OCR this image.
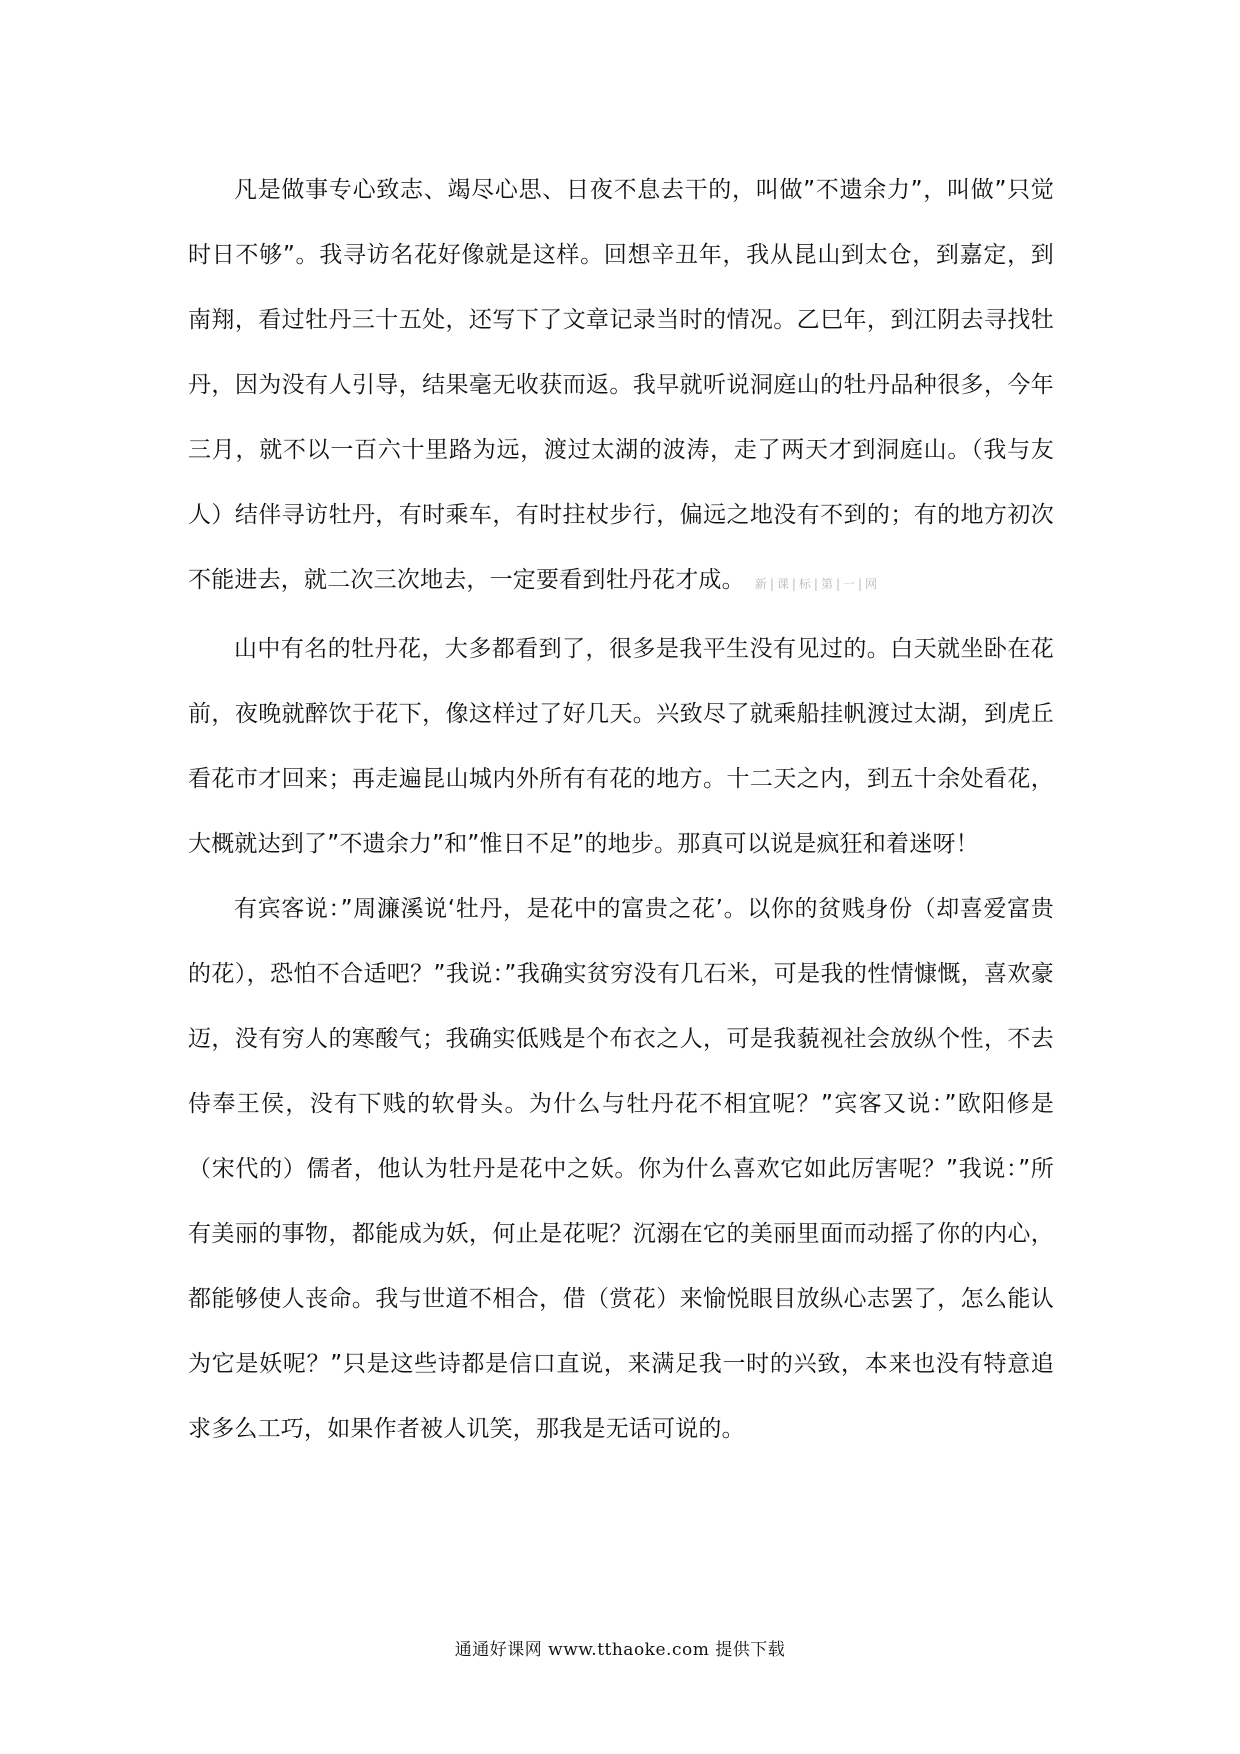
凡是做事专心致志、竭尽心思、日夜不息去干的，叫做”不遗余力”，叫做”只觉时日不够”。我寻访名花好像就是这样。回想辛丑年，我从昆山到太仓，到嘉定，到南翔，看过牡丹三十五处，还写下了文章记录当时的情况。乙巳年，到江阴去寻找牡丹，因为没有人引导，结果毫无收获而返。我早就听说洞庭山的牡丹品种很多，今年三月，就不以一百六十里路为远，渡过太湖的波涛，走了两天才到洞庭山。（我与友人）结伴寻访牡丹，有时乘车，有时拄杖步行，偏远之地没有不到的；有的地方初次不能进去，就二次三次地去，一定要看到牡丹花才成。 新|课|标|第|一|网

山中有名的牡丹花，大多都看到了，很多是我平生没有见过的。白天就坐卧在花前，夜晚就醉饮于花下，像这样过了好几天。兴致尽了就乘船挂帆渡过太湖，到虎丘看花市才回来；再走遍昆山城内外所有有花的地方。十二天之内，到五十余处看花，大概就达到了”不遗余力”和”惟日不足”的地步。那真可以说是疯狂和着迷呀！

有宾客说：”周濂溪说‘牡丹，是花中的富贵之花’。以你的贫贱身份（却喜爱富贵的花），恐怕不合适吧？”我说：”我确实贫穷没有几石米，可是我的性情慷慨，喜欢豪迈，没有穷人的寒酸气；我确实低贱是个布衣之人，可是我藐视社会放纵个性，不去侍奉王侯，没有下贱的软骨头。为什么与牡丹花不相宜呢？”宾客又说：”欧阳修是（宋代的）儒者，他认为牡丹是花中之妖。你为什么喜欢它如此厉害呢？”我说：”所有美丽的事物，都能成为妖，何止是花呢？沉溺在它的美丽里面而动摇了你的内心，都能够使人丧命。我与世道不相合，借（赏花）来愉悦眼目放纵心志罢了，怎么能认为它是妖呢？”只是这些诗都是信口直说，来满足我一时的兴致，本来也没有特意追求多么工巧，如果作者被人讥笑，那我是无话可说的。

通通好课网 www.tthaoke.com 提供下载
